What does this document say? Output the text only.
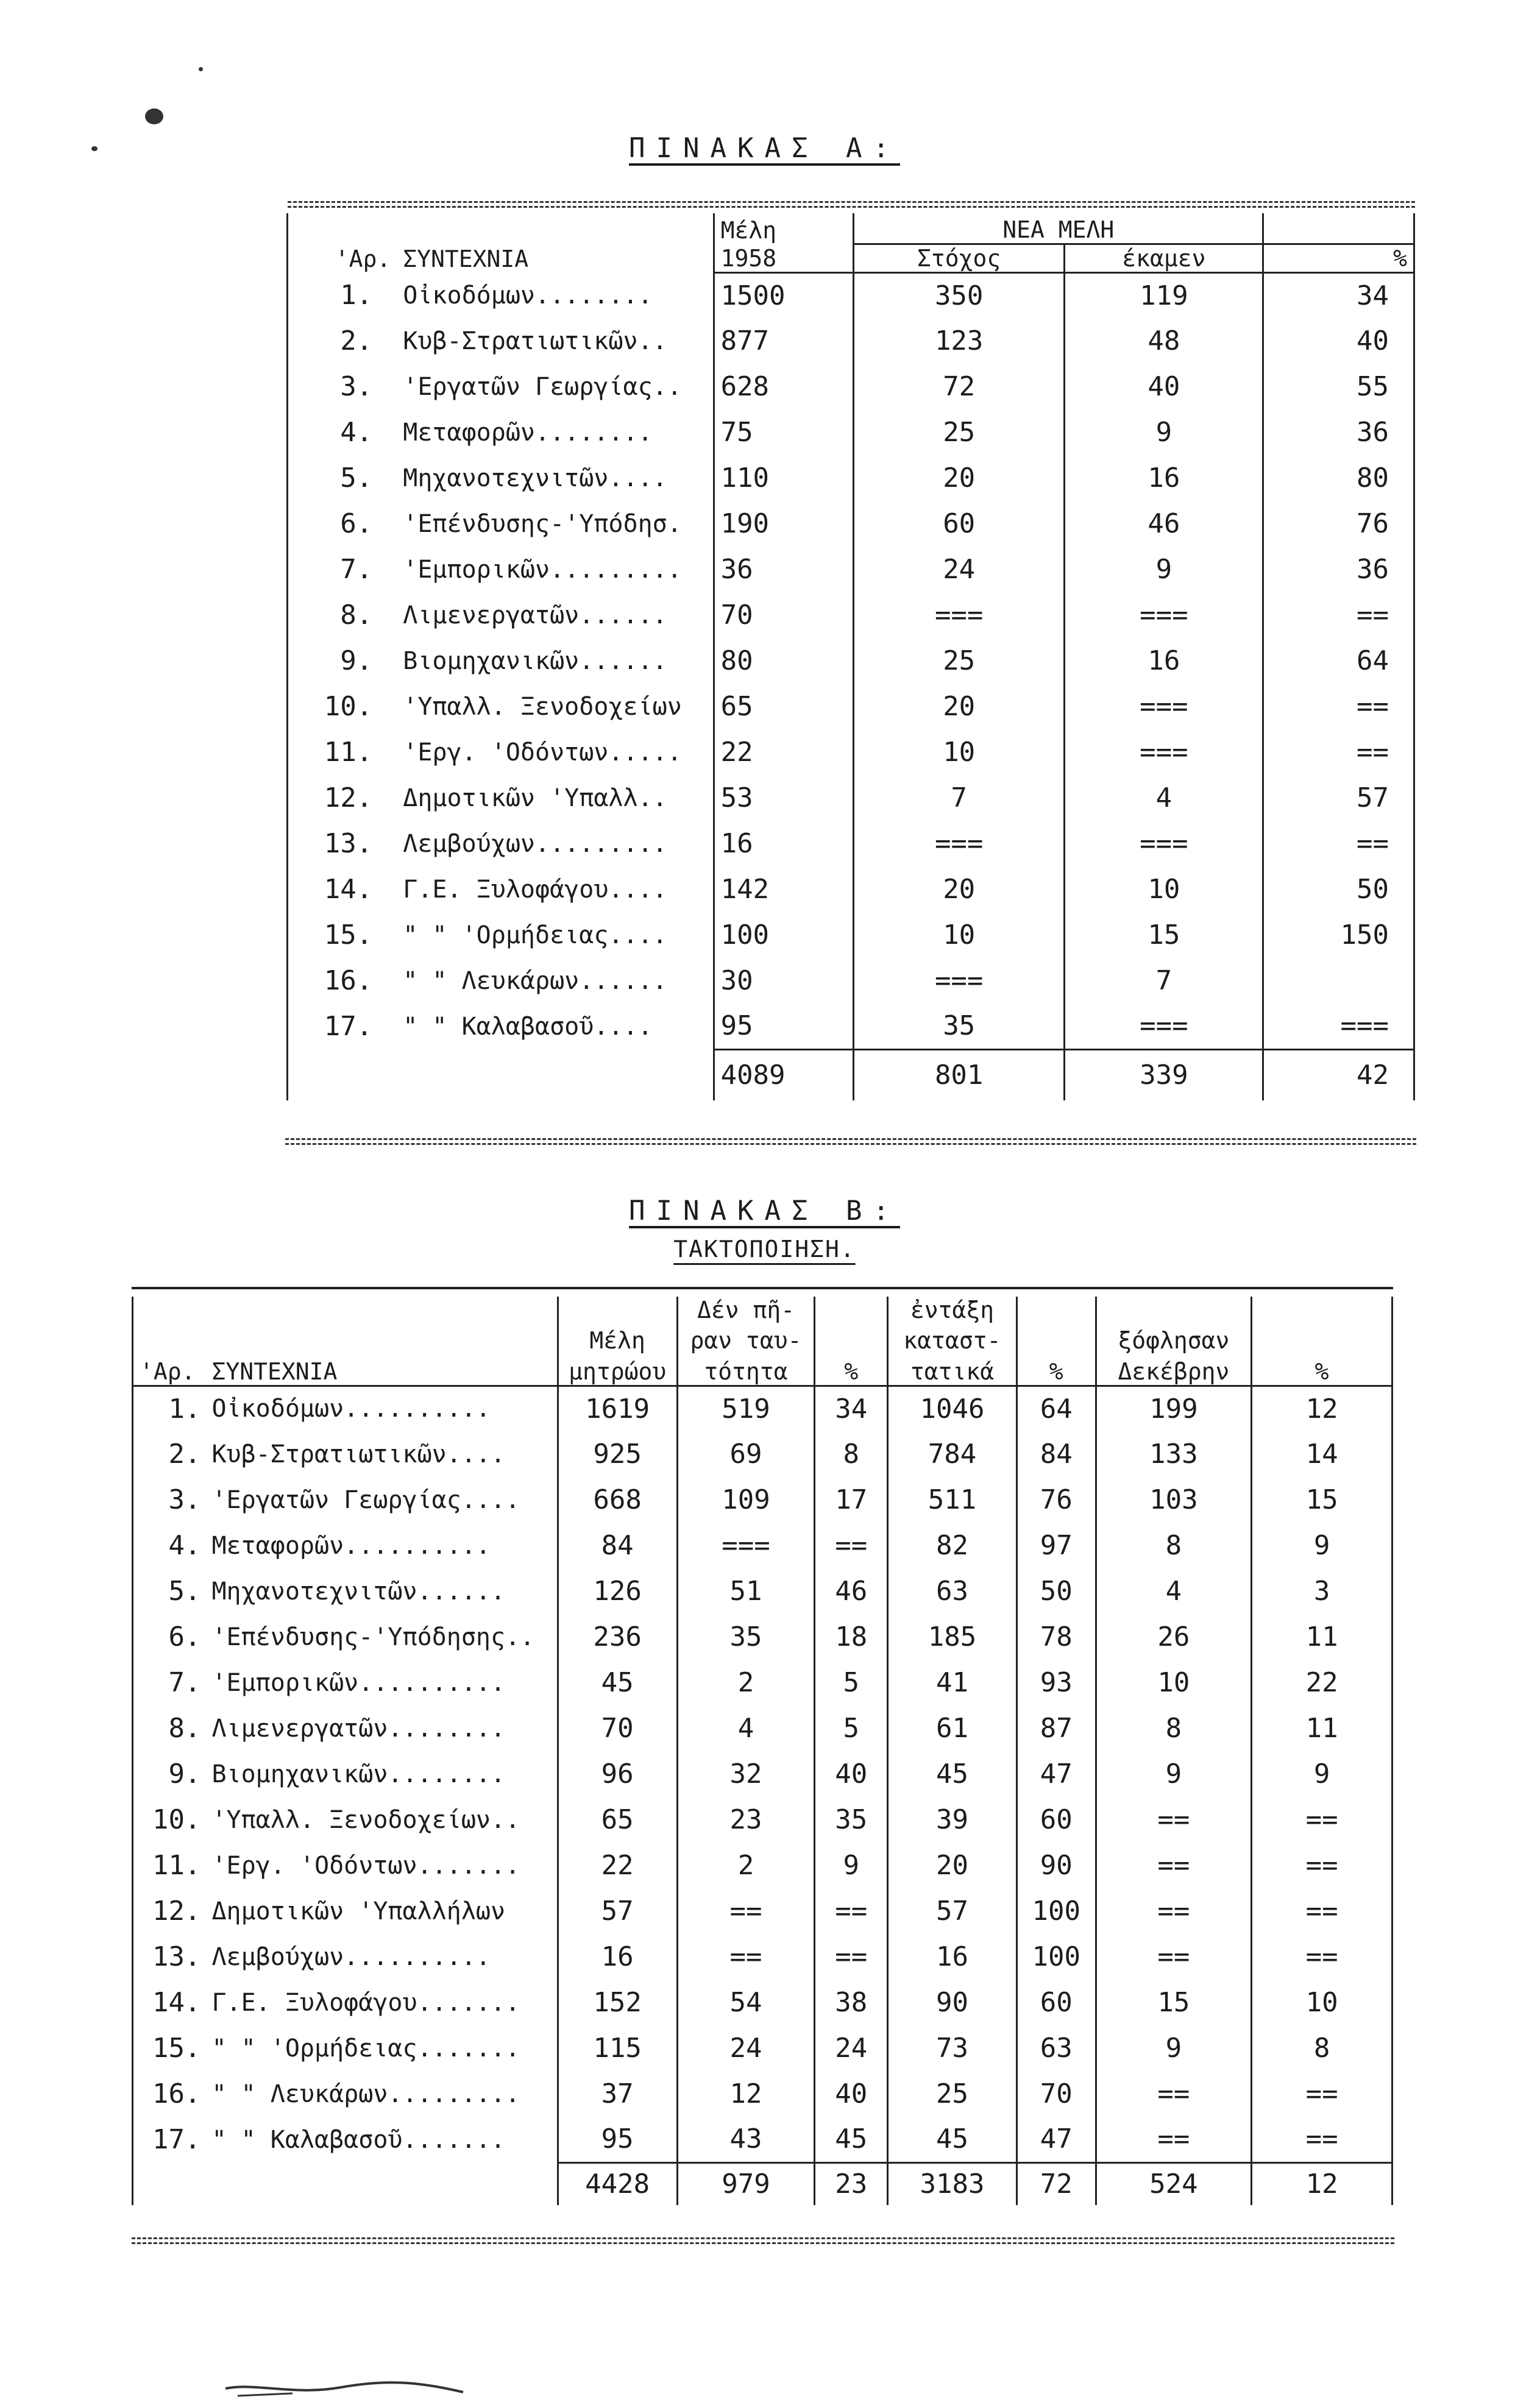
ΠΙΝΑΚΑΣ Α:
'Αρ.	ΣΥΝΤΕΧΝΙΑ	Μέλη	ΝΕΑ ΜΕΛΗ		
		1958	Στόχος	έκαμεν	%
1.	Οἰκοδόμων........	1500	350	119	34
2.	Κυβ-Στρατιωτικῶν..	877	123	48	40
3.	'Εργατῶν Γεωργίας..	628	72	40	55
4.	Μεταφορῶν........	75	25	9	36
5.	Μηχανοτεχνιτῶν....	110	20	16	80
6.	'Επένδυσης-'Υπόδησ.	190	60	46	76
7.	'Εμπορικῶν.........	36	24	9	36
8.	Λιμενεργατῶν......	70	===	===	==
9.	Βιομηχανικῶν......	80	25	16	64
10.	'Υπαλλ. Ξενοδοχείων	65	20	===	==
11.	'Εργ. 'Οδόντων.....	22	10	===	==
12.	Δημοτικῶν 'Υπαλλ..	53	7	4	57
13.	Λεμβούχων.........	16	===	===	==
14.	Γ.Ε. Ξυλοφάγου....	142	20	10	50
15.	" " 'Ορμήδειας....	100	10	15	150
16.	" " Λευκάρων......	30	===	7	
17.	" " Καλαβασοῦ....	95	35	===	===
		4089	801	339	42
ΠΙΝΑΚΑΣ Β:
ΤΑΚΤΟΠΟΙΗΣΗ.
			Δέν πῆ-		ἐντάξη			
		Μέλη	ραν ταυ-		καταστ-		ξόφλησαν	
'Αρ.	ΣΥΝΤΕΧΝΙΑ	μητρώου	τότητα	%	τατικά	%	Δεκέβρην	%
1.	Οἰκοδόμων..........	1619	519	34	1046	64	199	12
2.	Κυβ-Στρατιωτικῶν....	925	69	8	784	84	133	14
3.	'Εργατῶν Γεωργίας....	668	109	17	511	76	103	15
4.	Μεταφορῶν..........	84	===	==	82	97	8	9
5.	Μηχανοτεχνιτῶν......	126	51	46	63	50	4	3
6.	'Επένδυσης-'Υπόδησης..	236	35	18	185	78	26	11
7.	'Εμπορικῶν..........	45	2	5	41	93	10	22
8.	Λιμενεργατῶν........	70	4	5	61	87	8	11
9.	Βιομηχανικῶν........	96	32	40	45	47	9	9
10.	'Υπαλλ. Ξενοδοχείων..	65	23	35	39	60	==	==
11.	'Εργ. 'Οδόντων.......	22	2	9	20	90	==	==
12.	Δημοτικῶν 'Υπαλλήλων	57	==	==	57	100	==	==
13.	Λεμβούχων..........	16	==	==	16	100	==	==
14.	Γ.Ε. Ξυλοφάγου.......	152	54	38	90	60	15	10
15.	" " 'Ορμήδειας.......	115	24	24	73	63	9	8
16.	" " Λευκάρων.........	37	12	40	25	70	==	==
17.	" " Καλαβασοῦ.......	95	43	45	45	47	==	==
		4428	979	23	3183	72	524	12
